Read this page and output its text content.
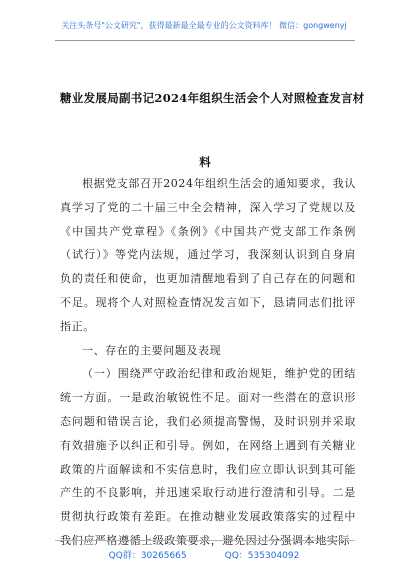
关注头条号"公文研究"，获得最新最全最专业的公文资料库！ 微信：gongwenyj
糖业发展局副书记2024年组织生活会个人对照检查发言材
料

根据党支部召开2024年组织生活会的通知要求，我认真学习了党的二十届三中全会精神，深入学习了党规以及《中国共产党章程》《条例》《中国共产党支部工作条例（试行）》等党内法规，通过学习，我深刻认识到自身肩负的责任和使命，也更加清醒地看到了自己存在的问题和不足。现将个人对照检查情况发言如下，恳请同志们批评指正。

一、存在的主要问题及表现

（一）围绕严守政治纪律和政治规矩，维护党的团结统一方面。一是政治敏锐性不足。面对一些潜在的意识形态问题和错误言论，我们必须提高警惕，及时识别并采取有效措施予以纠正和引导。例如，在网络上遇到有关糖业政策的片面解读和不实信息时，我们应立即认识到其可能产生的不良影响，并迅速采取行动进行澄清和引导。二是贯彻执行政策有差距。在推动糖业发展政策落实的过程中我们应严格遵循上级政策要求，避免因过分强调本地实际

QQ群：30265665	QQ：535304092
